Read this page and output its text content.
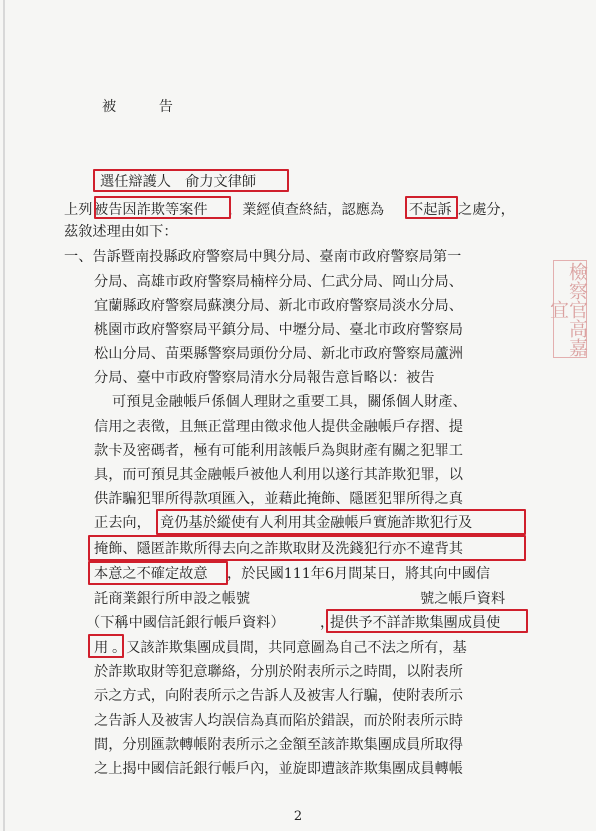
被　　　告
選任辯護人　俞力文律師
上列 被告因詐欺等案件 ，業經偵查終結，認應為 不起訴 之處分，
茲敘述理由如下：
一、告訴暨南投縣政府警察局中興分局、臺南市政府警察局第一
分局、高雄市政府警察局楠梓分局、仁武分局、岡山分局、
宜蘭縣政府警察局蘇澳分局、新北市政府警察局淡水分局、
桃園市政府警察局平鎮分局、中壢分局、臺北市政府警察局
松山分局、苗栗縣警察局頭份分局、新北市政府警察局蘆洲
分局、臺中市政府警察局清水分局報告意旨略以：被告
可預見金融帳戶係個人理財之重要工具，關係個人財產、
信用之表徵，且無正當理由徵求他人提供金融帳戶存摺、提
款卡及密碼者，極有可能利用該帳戶為與財產有關之犯罪工
具，而可預見其金融帳戶被他人利用以遂行其詐欺犯罪，以
供詐騙犯罪所得款項匯入，並藉此掩飾、隱匿犯罪所得之真
正去向， 竟仍基於縱使有人利用其金融帳戶實施詐欺犯行及
掩飾、隱匿詐欺所得去向之詐欺取財及洗錢犯行亦不違背其
本意之不確定故意 ，於民國111年6月間某日，將其向中國信
託商業銀行所申設之帳號	號之帳戶資料
（下稱中國信託銀行帳戶資料） ，
提供予不詳詐欺集團成員使
用 。又該詐欺集團成員間，共同意圖為自己不法之所有，基
於詐欺取財等犯意聯絡，分別於附表所示之時間，以附表所
示之方式，向附表所示之告訴人及被害人行騙，使附表所示
之告訴人及被害人均誤信為真而陷於錯誤，而於附表所示時
間，分別匯款轉帳附表所示之金額至該詐欺集團成員所取得
之上揭中國信託銀行帳戶內，並旋即遭該詐欺集團成員轉帳
檢察官高嘉宜
2
